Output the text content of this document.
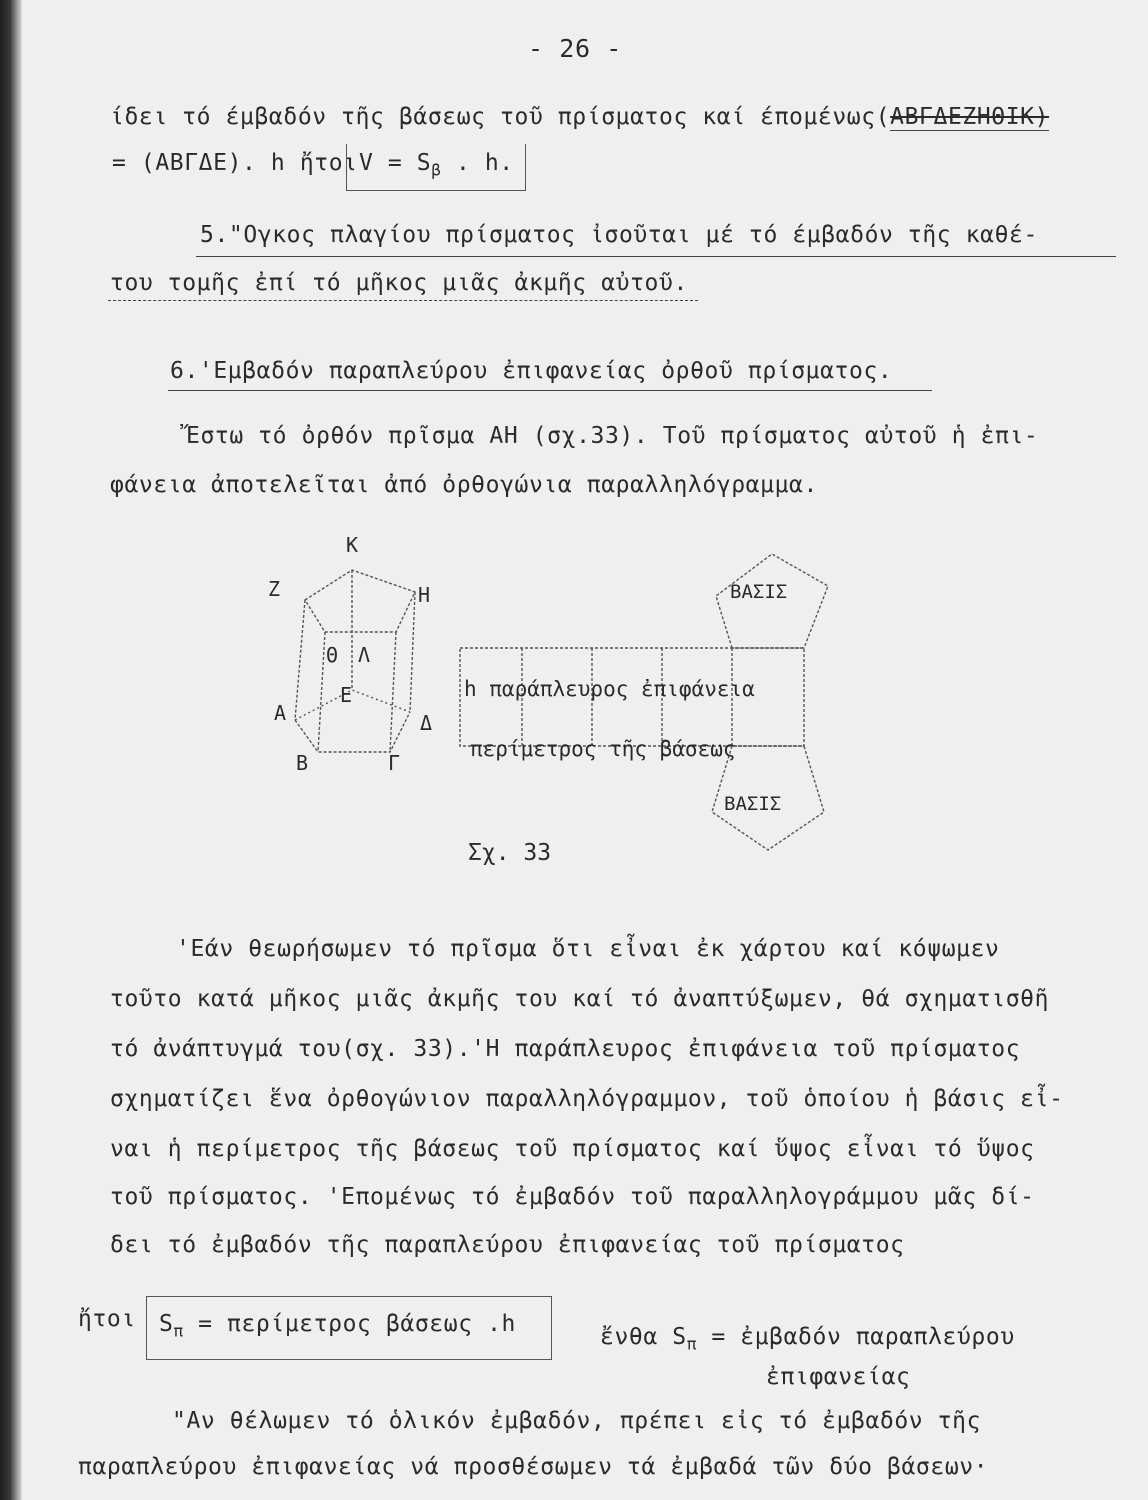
- 26 -
ίδει τό έμβαδόν τῆς βάσεως τοῦ πρίσματος καί έπομένως(ΑΒΓΔΕΖΗΘΙΚ)
= (ΑΒΓΔΕ). h ἤτοι $V = S_\beta$ . h.
5."Ογκος πλαγίου πρίσματος ἰσοῦται μέ τό έμβαδόν τῆς καθέ-
του τομῆς ἐπί τό μῆκος μιᾶς ἀκμῆς αὐτοῦ.
6.'Εμβαδόν παραπλεύρου ἐπιφανείας ὀρθοῦ πρίσματος.
Ἔστω τό ὀρθόν πρῖσμα ΑΗ (σχ.33). Τοῦ πρίσματος αὐτοῦ ἡ ἐπι-
φάνεια ἀποτελεῖται ἀπό ὀρθογώνια παραλληλόγραμμα.
Κ
Ζ	Η
Θ Λ
Ε
Α	Δ
Β	Γ
h παράπλευρος ἐπιφάνεια
περίμετρος τῆς βάσεως
ΒΑΣΙΣ
ΒΑΣΙΣ
Σχ. 33
'Εάν θεωρήσωμεν τό πρῖσμα ὅτι εἶναι ἐκ χάρτου καί κόψωμεν
τοῦτο κατά μῆκος μιᾶς ἀκμῆς του καί τό ἀναπτύξωμεν, θά σχηματισθῆ
τό ἀνάπτυγμά του(σχ. 33).'Η παράπλευρος ἐπιφάνεια τοῦ πρίσματος
σχηματίζει ἕνα ὀρθογώνιον παραλληλόγραμμον, τοῦ ὁποίου ἡ βάσις εἶ-
ναι ἡ περίμετρος τῆς βάσεως τοῦ πρίσματος καί ὕψος εἶναι τό ὕψος
τοῦ πρίσματος. 'Επομένως τό ἐμβαδόν τοῦ παραλληλογράμμου μᾶς δί-
δει τό ἐμβαδόν τῆς παραπλεύρου ἐπιφανείας τοῦ πρίσματος
ἤτοι $S_\pi = \pi\varepsilon\rho ί\mu\varepsilon\tau\rho o\varsigma$ βάσεως .h	ἔνθα $S_\pi$ = ἐμβαδόν παραπλεύρου
ἐπιφανείας
"Αν θέλωμεν τό ὁλικόν ἐμβαδόν, πρέπει εἰς τό ἐμβαδόν τῆς
παραπλεύρου ἐπιφανείας νά προσθέσωμεν τά ἐμβαδά τῶν δύο βάσεων·
